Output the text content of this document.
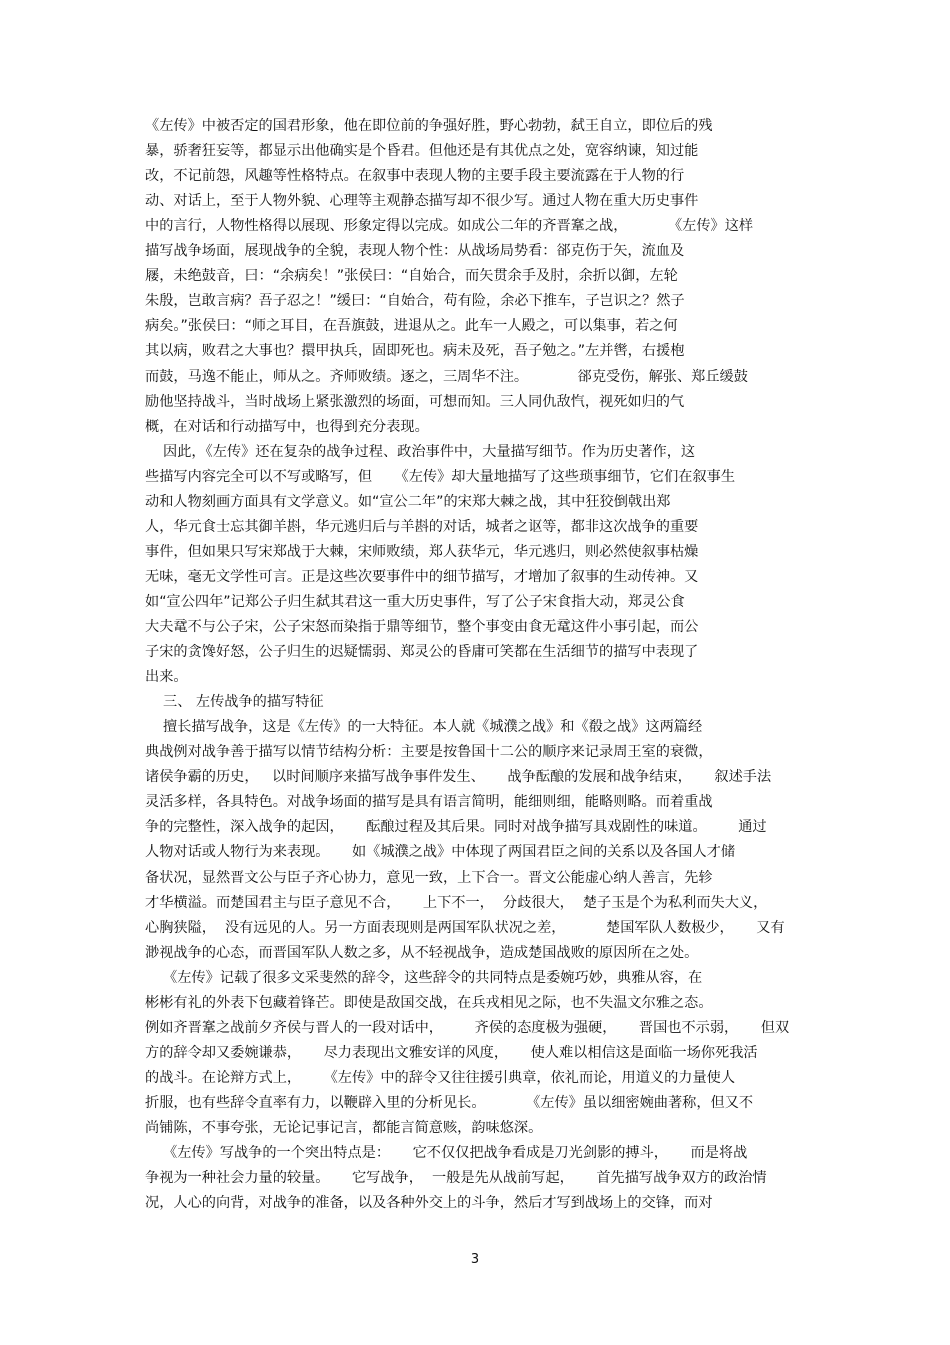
《左传》中被否定的国君形象，他在即位前的争强好胜，野心勃勃，弑王自立，即位后的残
暴，骄奢狂妄等，都显示出他确实是个昏君。但他还是有其优点之处，宽容纳谏，知过能
改，不记前怨，风趣等性格特点。在叙事中表现人物的主要手段主要流露在于人物的行
动、对话上，至于人物外貌、心理等主观静态描写却不很少写。通过人物在重大历史事件
中的言行，人物性格得以展现、形象定得以完成。如成公二年的齐晋鞌之战，         《左传》这样
描写战争场面，展现战争的全貌，表现人物个性：从战场局势看：郤克伤于矢，流血及
屦，未绝鼓音，曰：“余病矣！”张侯曰：“自始合，而矢贯余手及肘，余折以御，左轮
朱殷，岂敢言病？吾子忍之！”缓曰：“自始合，苟有险，余必下推车，子岂识之？然子
病矣。”张侯曰：“师之耳目，在吾旗鼓，进退从之。此车一人殿之，可以集事，若之何
其以病，败君之大事也？擐甲执兵，固即死也。病未及死，吾子勉之。”左并辔，右援枹
而鼓，马逸不能止，师从之。齐师败绩。逐之，三周华不注。           郤克受伤，解张、郑丘缓鼓
励他坚持战斗，当时战场上紧张激烈的场面，可想而知。三人同仇敌忾，视死如归的气
概，在对话和行动描写中，也得到充分表现。
因此，《左传》还在复杂的战争过程、政治事件中，大量描写细节。作为历史著作，这
些描写内容完全可以不写或略写，但     《左传》却大量地描写了这些琐事细节，它们在叙事生
动和人物刻画方面具有文学意义。如“宣公二年”的宋郑大棘之战，其中狂狡倒戟出郑
人，华元食士忘其御羊斟，华元逃归后与羊斟的对话，城者之讴等，都非这次战争的重要
事件，但如果只写宋郑战于大棘，宋师败绩，郑人获华元，华元逃归，则必然使叙事枯燥
无味，毫无文学性可言。正是这些次要事件中的细节描写，才增加了叙事的生动传神。又
如“宣公四年”记郑公子归生弑其君这一重大历史事件，写了公子宋食指大动，郑灵公食
大夫鼋不与公子宋，公子宋怒而染指于鼎等细节，整个事变由食无鼋这件小事引起，而公
子宋的贪馋好怒，公子归生的迟疑懦弱、郑灵公的昏庸可笑都在生活细节的描写中表现了
出来。
三、 左传战争的描写特征
擅长描写战争，这是《左传》的一大特征。本人就《城濮之战》和《殽之战》这两篇经
典战例对战争善于描写以情节结构分析：主要是按鲁国十二公的顺序来记录周王室的衰微，
诸侯争霸的历史，   以时间顺序来描写战争事件发生、     战争酝酿的发展和战争结束，     叙述手法
灵活多样，各具特色。对战争场面的描写是具有语言简明，能细则细，能略则略。而着重战
争的完整性，深入战争的起因，     酝酿过程及其后果。同时对战争描写具戏剧性的味道。       通过
人物对话或人物行为来表现。     如《城濮之战》中体现了两国君臣之间的关系以及各国人才储
备状况，显然晋文公与臣子齐心协力，意见一致，上下合一。晋文公能虚心纳人善言，先轸
才华横溢。而楚国君主与臣子意见不合，     上下不一，  分歧很大，  楚子玉是个为私利而失大义，
心胸狭隘，  没有远见的人。另一方面表现则是两国军队状况之差，         楚国军队人数极少，     又有
渺视战争的心态，而晋国军队人数之多，从不轻视战争，造成楚国战败的原因所在之处。
《左传》记载了很多文采斐然的辞令，这些辞令的共同特点是委婉巧妙，典雅从容，在
彬彬有礼的外表下包藏着锋芒。即使是敌国交战，在兵戎相见之际，也不失温文尔雅之态。
例如齐晋鞌之战前夕齐侯与晋人的一段对话中，       齐侯的态度极为强硬，     晋国也不示弱，     但双
方的辞令却又委婉谦恭，     尽力表现出文雅安详的风度，     使人难以相信这是面临一场你死我活
的战斗。在论辩方式上，     《左传》中的辞令又往往援引典章，依礼而论，用道义的力量使人
折服，也有些辞令直率有力，以鞭辟入里的分析见长。         《左传》虽以细密婉曲著称，但又不
尚铺陈，不事夸张，无论记事记言，都能言简意赅，韵味悠深。
《左传》写战争的一个突出特点是：     它不仅仅把战争看成是刀光剑影的搏斗，     而是将战
争视为一种社会力量的较量。     它写战争，  一般是先从战前写起，     首先描写战争双方的政治情
况，人心的向背，对战争的准备，以及各种外交上的斗争，然后才写到战场上的交锋，而对
3
